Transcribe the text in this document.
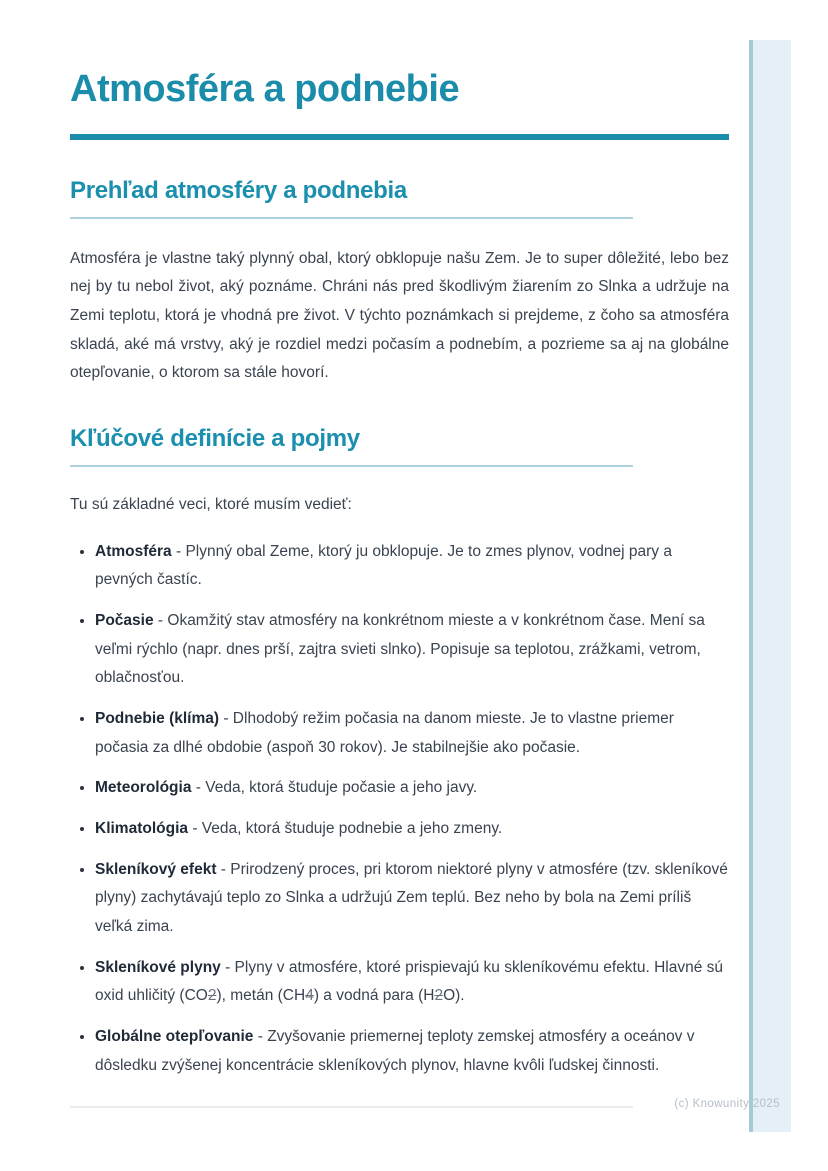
Atmosféra a podnebie
Prehľad atmosféry a podnebia

Atmosféra je vlastne taký plynný obal, ktorý obklopuje našu Zem. Je to super dôležité, lebo bez nej by tu nebol život, aký poznáme. Chráni nás pred škodlivým žiarením zo Slnka a udržuje na Zemi teplotu, ktorá je vhodná pre život. V týchto poznámkach si prejdeme, z čoho sa atmosféra skladá, aké má vrstvy, aký je rozdiel medzi počasím a podnebím, a pozrieme sa aj na globálne otepľovanie, o ktorom sa stále hovorí.

Kľúčové definície a pojmy

Tu sú základné veci, ktoré musím vedieť:

• Atmosféra - Plynný obal Zeme, ktorý ju obklopuje. Je to zmes plynov, vodnej pary a pevných častíc.
• Počasie - Okamžitý stav atmosféry na konkrétnom mieste a v konkrétnom čase. Mení sa veľmi rýchlo (napr. dnes prší, zajtra svieti slnko). Popisuje sa teplotou, zrážkami, vetrom, oblačnosťou.
• Podnebie (klíma) - Dlhodobý režim počasia na danom mieste. Je to vlastne priemer počasia za dlhé obdobie (aspoň 30 rokov). Je stabilnejšie ako počasie.
• Meteorológia - Veda, ktorá študuje počasie a jeho javy.
• Klimatológia - Veda, ktorá študuje podnebie a jeho zmeny.
• Skleníkový efekt - Prirodzený proces, pri ktorom niektoré plyny v atmosfére (tzv. skleníkové plyny) zachytávajú teplo zo Slnka a udržujú Zem teplú. Bez neho by bola na Zemi príliš veľká zima.
• Skleníkové plyny - Plyny v atmosfére, ktoré prispievajú ku skleníkovému efektu. Hlavné sú oxid uhličitý (CO2), metán (CH4) a vodná para (H2O).
• Globálne otepľovanie - Zvyšovanie priemernej teploty zemskej atmosféry a oceánov v dôsledku zvýšenej koncentrácie skleníkových plynov, hlavne kvôli ľudskej činnosti.
(c) Knowunity 2025
